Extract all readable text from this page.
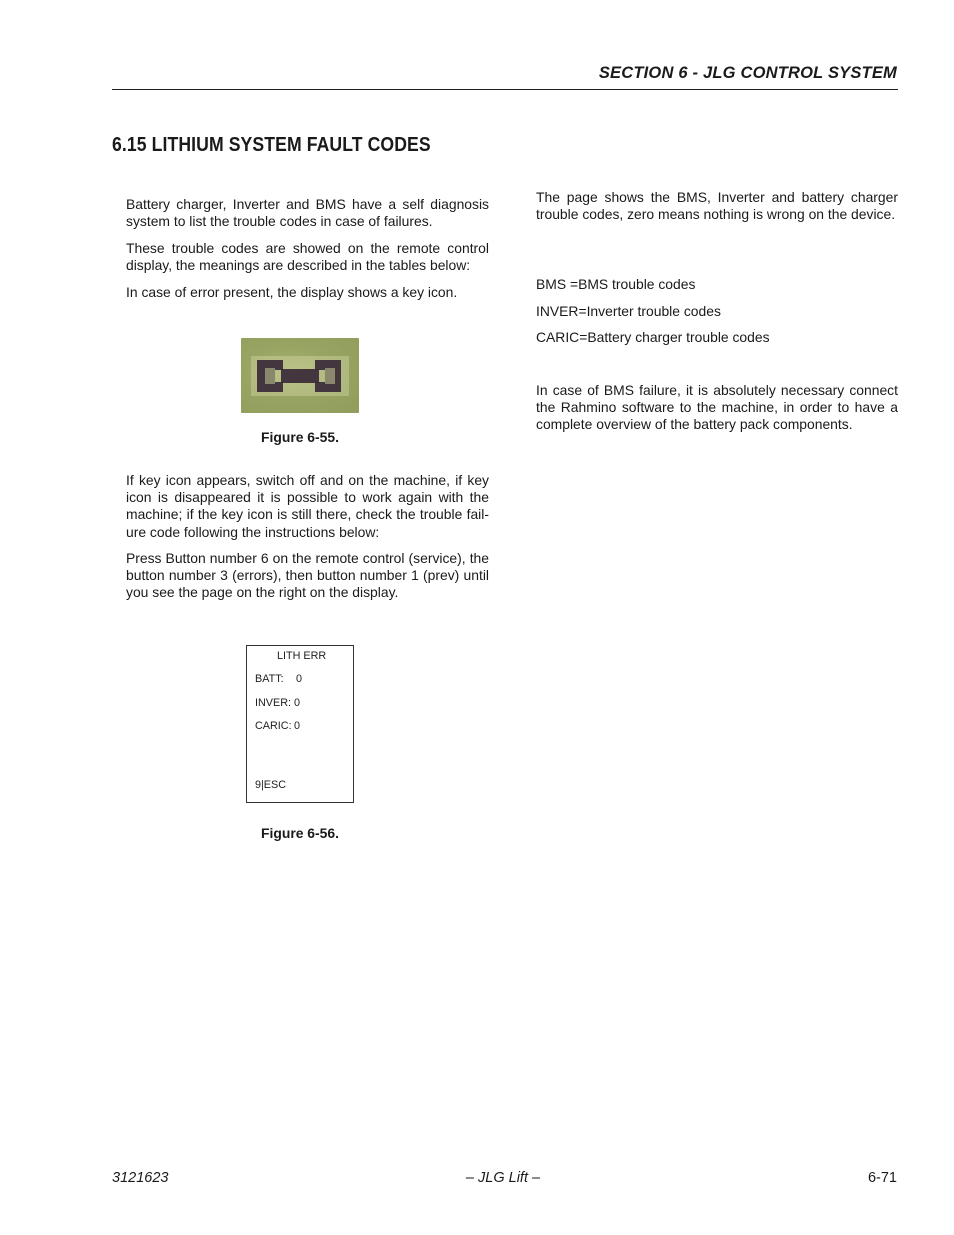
SECTION 6 - JLG CONTROL SYSTEM
6.15 LITHIUM SYSTEM FAULT CODES

Battery charger, Inverter and BMS have a self diagnosis system to list the trouble codes in case of failures.

These trouble codes are showed on the remote control display, the meanings are described in the tables below:

In case of error present, the display shows a key icon.

Figure 6-55.

If key icon appears, switch off and on the machine, if key icon is disappeared it is possible to work again with the machine; if the key icon is still there, check the trouble failure code following the instructions below:

Press Button number 6 on the remote control (service), the button number 3 (errors), then button number 1 (prev) until you see the page on the right on the display.

LITH ERR
BATT: 0
INVER: 0
CARIC: 0
9|ESC
Figure 6-56.

The page shows the BMS, Inverter and battery charger trouble codes, zero means nothing is wrong on the device.

BMS =BMS trouble codes

INVER=Inverter trouble codes

CARIC=Battery charger trouble codes

In case of BMS failure, it is absolutely necessary connect the Rahmino software to the machine, in order to have a complete overview of the battery pack components.

3121623	– JLG Lift –	6-71
